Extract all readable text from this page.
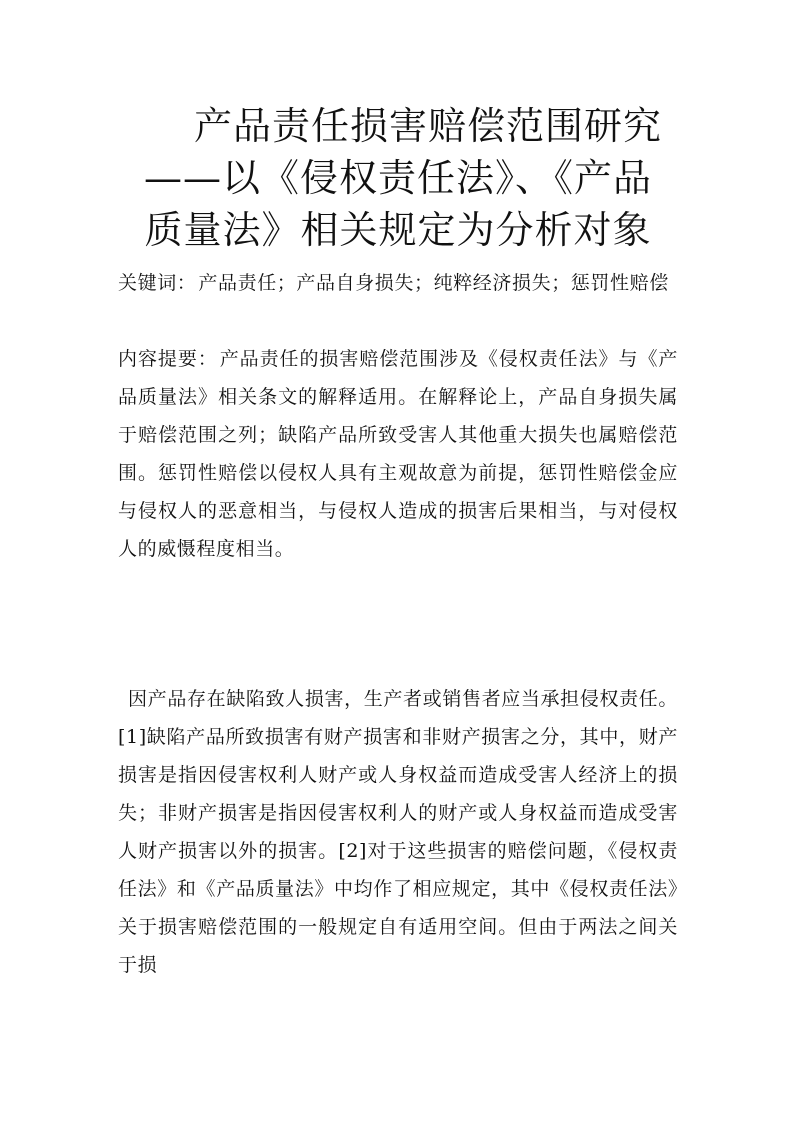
产品责任损害赔偿范围研究
——以《侵权责任法》、《产品
质量法》相关规定为分析对象
关键词： 产品责任；产品自身损失；纯粹经济损失；惩罚性赔偿
内容提要： 产品责任的损害赔偿范围涉及《侵权责任法》与《产品质量法》相关条文的解释适用。在解释论上，产品自身损失属于赔偿范围之列；缺陷产品所致受害人其他重大损失也属赔偿范围。惩罚性赔偿以侵权人具有主观故意为前提，惩罚性赔偿金应与侵权人的恶意相当，与侵权人造成的损害后果相当，与对侵权人的威慑程度相当。
因产品存在缺陷致人损害，生产者或销售者应当承担侵权责任。[1]缺陷产品所致损害有财产损害和非财产损害之分，其中，财产损害是指因侵害权利人财产或人身权益而造成受害人经济上的损失；非财产损害是指因侵害权利人的财产或人身权益而造成受害人财产损害以外的损害。[2]对于这些损害的赔偿问题，《侵权责任法》和《产品质量法》中均作了相应规定，其中《侵权责任法》关于损害赔偿范围的一般规定自有适用空间。但由于两法之间关于损
